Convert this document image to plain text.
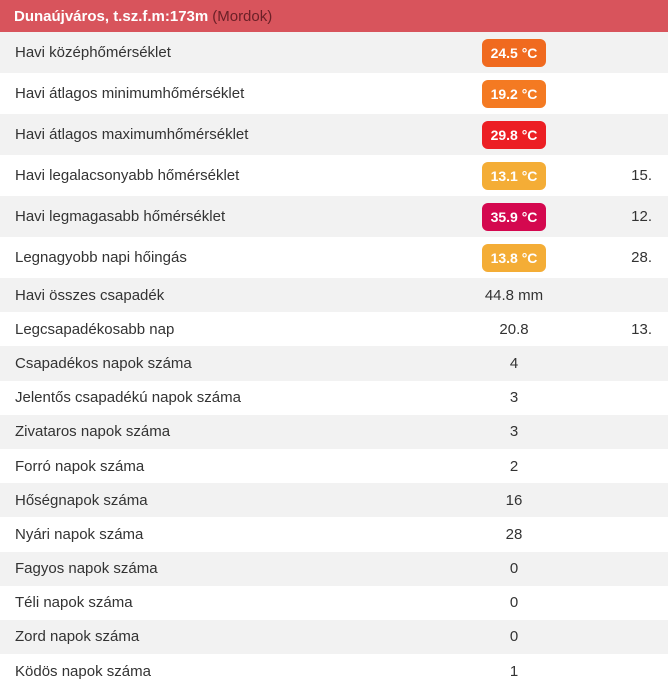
Dunaújváros, t.sz.f.m:173m (Mordok)
Havi középhőmérséklet	24.5 °C
Havi átlagos minimumhőmérséklet	19.2 °C
Havi átlagos maximumhőmérséklet	29.8 °C
Havi legalacsonyabb hőmérséklet	13.1 °C	15.
Havi legmagasabb hőmérséklet	35.9 °C	12.
Legnagyobb napi hőingás	13.8 °C	28.
Havi összes csapadék	44.8 mm
Legcsapadékosabb nap	20.8	13.
Csapadékos napok száma	4
Jelentős csapadékú napok száma	3
Zivataros napok száma	3
Forró napok száma	2
Hőségnapok száma	16
Nyári napok száma	28
Fagyos napok száma	0
Téli napok száma	0
Zord napok száma	0
Ködös napok száma	1
